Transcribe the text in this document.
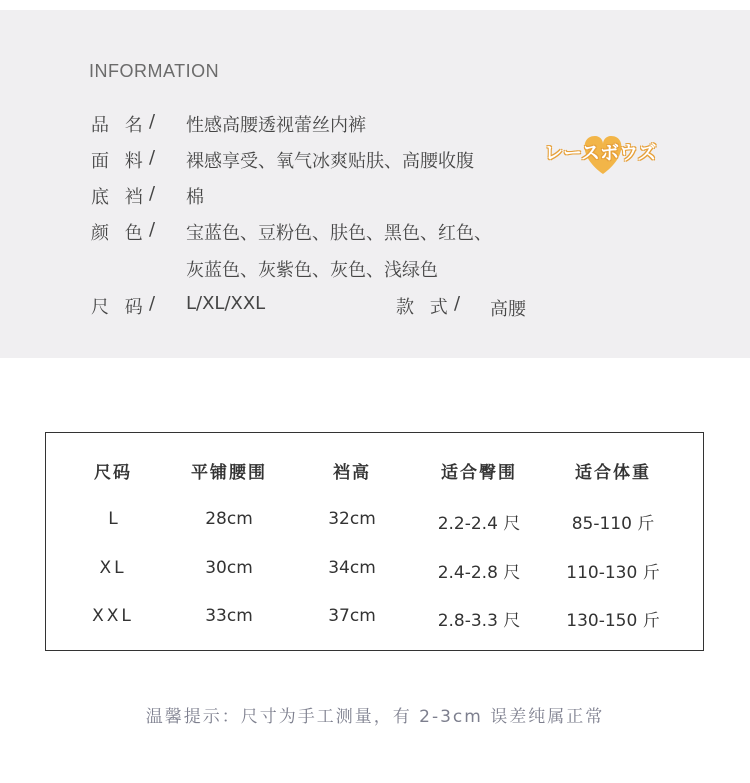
INFORMATION
品 名 / 性感高腰透视蕾丝内裤
面 料 / 裸感享受、氧气冰爽贴肤、高腰收腹
底 裆 / 棉
颜 色 / 宝蓝色、豆粉色、肤色、黑色、红色、
灰蓝色、灰紫色、灰色、浅绿色
尺 码 / L/XL/XXL	款 式 / 高腰
レースボウズ
尺码	平铺腰围	裆高	适合臀围	适合体重
L	28cm	32cm	2.2-2.4 尺	85-110 斤
XL	30cm	34cm	2.4-2.8 尺	110-130 斤
XXL	33cm	37cm	2.8-3.3 尺	130-150 斤
温馨提示：尺寸为手工测量，有 2-3cm 误差纯属正常
